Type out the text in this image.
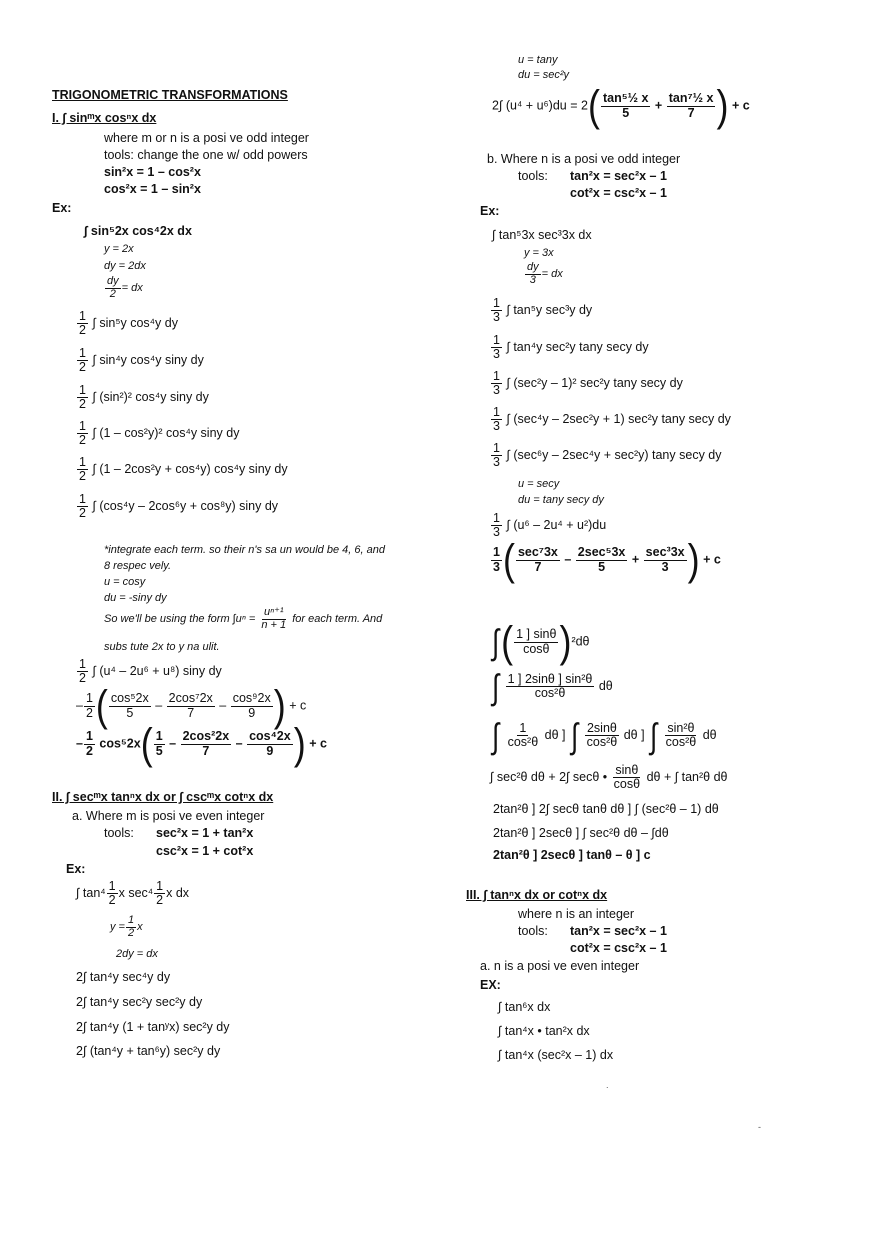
TRIGONOMETRIC TRANSFORMATIONS
I. ∫ sinᵐx cosⁿx dx
where m or n is a posi ve odd integer
tools: change the one w/ odd powers
sin²x = 1 – cos²x
cos²x = 1 – sin²x
Ex:
∫ sin⁵2x cos⁴2x dx
y = 2x
dy = 2dx
$\frac{dy}{2}$ = dx
$\frac{1}{2}$ ∫ sin⁵y cos⁴y dy
$\frac{1}{2}$ ∫ sin⁴y cos⁴y siny dy
$\frac{1}{2}$ ∫ (sin²)² cos⁴y siny dy
$\frac{1}{2}$ ∫ (1 – cos²y)² cos⁴y siny dy
$\frac{1}{2}$ ∫ (1 – 2cos²y + cos⁴y) cos⁴y siny dy
$\frac{1}{2}$ ∫ (cos⁴y – 2cos⁶y + cos⁸y) siny dy
*integrate each term. so their n's sa un would be 4, 6, and
8 respec vely.
u = cosy
du = -siny dy
So we'll be using the form $\int u^n = \frac{\text{uⁿ⁺¹}}{n + 1}$ for each term. And
subs tute 2x to y na ulit.
$\frac{1}{2}$ ∫ (u⁴ – 2u⁶ + u⁸) siny dy
– $\frac{1}{2}$ ( $\frac{\text{cos⁵2x}}{5} - \frac{\text{2cos⁷2x}}{7} - \frac{\text{cos⁹2x}}{9}$ ) + c
– $\frac{1}{2} \cos^52x( \frac{1}{5} - \frac{\text{2cos²2x}}{7} - \frac{\text{cos⁴2x}}{9}$ ) + c
II. ∫ secᵐx tanⁿx dx or ∫ cscᵐx cotⁿx dx
a. Where m is posi ve even integer
tools: sec²x = 1 + tan²x
csc²x = 1 + cot²x
Ex:
∫ $\tan^4 \frac{1}{2}$ x $\sec^4 \frac{1}{2}$ x dx
$y = \frac{1}{2}$ x
2dy = dx
2∫ tan⁴y sec⁴y dy
2∫ tan⁴y sec²y sec²y dy
2∫ tan⁴y (1 + tanʸx) sec²y dy
2∫ (tan⁴y + tan⁶y) sec²y dy
u = tany
du = sec²y
2∫ $(u^4 + u^6)du = 2( \frac{\text{tan⁵½ x}}{5} + \frac{\text{tan⁷½ x}}{7}$ ) + c
b. Where n is a posi ve odd integer
tools: tan²x = sec²x – 1
cot²x = csc²x – 1
Ex:
∫ tan⁵3x sec³3x dx
y = 3x
$\frac{dy}{3}$ = dx
$\frac{1}{3}$ ∫ tan⁵y sec³y dy
$\frac{1}{3}$ ∫ tan⁴y sec²y tany secy dy
$\frac{1}{3}$ ∫ (sec²y – 1)² sec²y tany secy dy
$\frac{1}{3}$ ∫ (sec⁴y – 2sec²y + 1) sec²y tany secy dy
$\frac{1}{3}$ ∫ (sec⁶y – 2sec⁴y + sec²y) tany secy dy
u = secy
du = tany secy dy
$\frac{1}{3}$ ∫ (u⁶ – 2u⁴ + u²)du
$\frac{1}{3}$ ( $\frac{\text{sec⁷3x}}{7} - \frac{\text{2sec⁵3x}}{5} + \frac{\text{sec³3x}}{3}$ ) + c
∫( $\frac{1 ] \sin\theta}{\cos\theta} )^2d\theta$
∫ $\frac{\text{1 ] 2sinθ ] sin²θ}}{\text{cos²θ}}$ dθ
∫ $\frac{1}{\text{cos²θ}}$ dθ ] ∫ $\frac{2\sin\theta}{\text{cos²θ}}$ dθ ] ∫ $\frac{\text{sin²θ}}{\text{cos²θ}}$ dθ
∫ sec²θ dθ + 2∫ secθ • $\frac{\sin\theta}{\cos\theta}$ dθ + ∫ tan²θ dθ
2tan²θ ] 2∫ secθ tanθ dθ ] ∫ (sec²θ – 1) dθ
2tan²θ ] 2secθ ] ∫ sec²θ dθ – ∫dθ
2tan²θ ] 2secθ ] tanθ – θ ] c
III. ∫ tanⁿx dx or cotⁿx dx
where n is an integer
tools: tan²x = sec²x – 1
cot²x = csc²x – 1
a. n is a posi ve even integer
EX:
∫ tan⁶x dx
∫ tan⁴x • tan²x dx
∫ tan⁴x (sec²x – 1) dx
.
-
